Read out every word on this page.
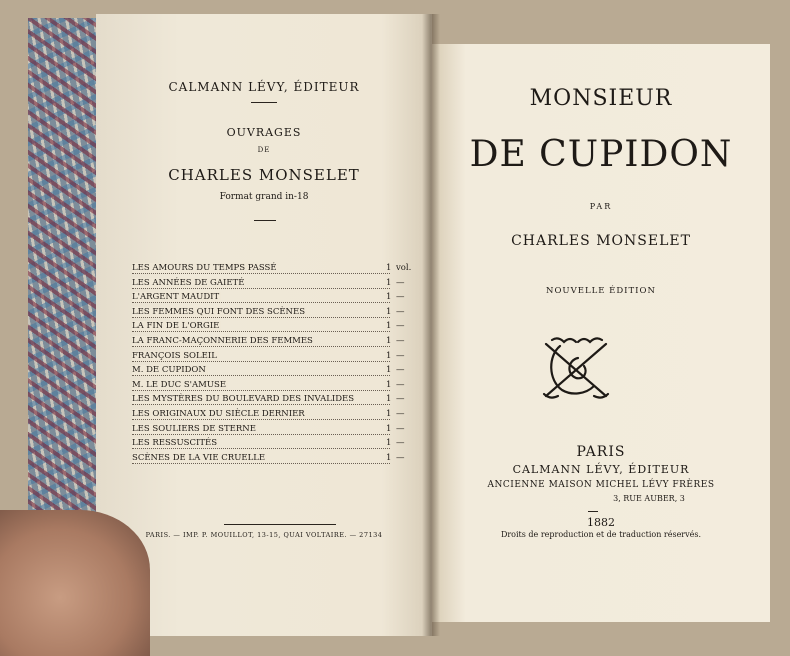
CALMANN LÉVY, ÉDITEUR
OUVRAGES
DE
CHARLES MONSELET
Format grand in-18
LES AMOURS DU TEMPS PASSÉ	1 vol.
LES ANNÉES DE GAIETÉ	1 —
L'ARGENT MAUDIT	1 —
LES FEMMES QUI FONT DES SCÈNES	1 —
LA FIN DE L'ORGIE	1 —
LA FRANC-MAÇONNERIE DES FEMMES	1 —
FRANÇOIS SOLEIL	1 —
M. DE CUPIDON	1 —
M. LE DUC S'AMUSE	1 —
LES MYSTÈRES DU BOULEVARD DES INVALIDES	1 —
LES ORIGINAUX DU SIÈCLE DERNIER	1 —
LES SOULIERS DE STERNE	1 —
LES RESSUSCITÉS	1 —
SCÈNES DE LA VIE CRUELLE	1 —
PARIS. — IMP. P. MOUILLOT, 13-15, QUAI VOLTAIRE. — 27134
MONSIEUR
DE CUPIDON
PAR
CHARLES MONSELET
NOUVELLE ÉDITION
PARIS
CALMANN LÉVY, ÉDITEUR
ANCIENNE MAISON MICHEL LÉVY FRÈRES
3, RUE AUBER, 3
1882
Droits de reproduction et de traduction réservés.
